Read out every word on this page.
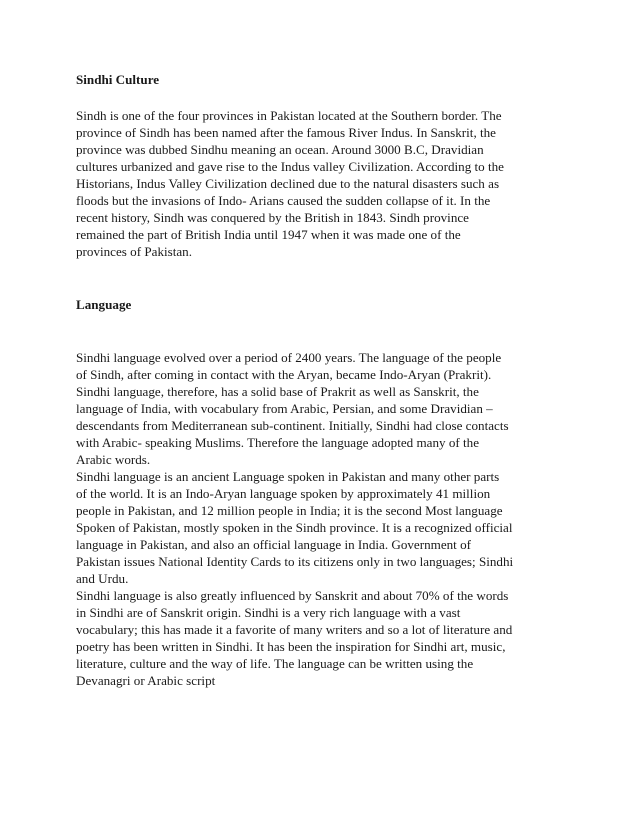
Sindhi Culture

Sindh is one of the four provinces in Pakistan located at the Southern border. The

province of Sindh has been named after the famous River Indus. In Sanskrit, the

province was dubbed Sindhu meaning an ocean. Around 3000 B.C, Dravidian

cultures urbanized and gave rise to the Indus valley Civilization. According to the

Historians, Indus Valley Civilization declined due to the natural disasters such as

floods but the invasions of Indo- Arians caused the sudden collapse of it. In the

recent history, Sindh was conquered by the British in 1843. Sindh province

remained the part of British India until 1947 when it was made one of the

provinces of Pakistan.

Language

Sindhi language evolved over a period of 2400 years. The language of the people

of Sindh, after coming in contact with the Aryan, became Indo-Aryan (Prakrit).

Sindhi language, therefore, has a solid base of Prakrit as well as Sanskrit, the

language of India, with vocabulary from Arabic, Persian, and some Dravidian –

descendants from Mediterranean sub-continent. Initially, Sindhi had close contacts

with Arabic- speaking Muslims. Therefore the language adopted many of the

Arabic words.

Sindhi language is an ancient Language spoken in Pakistan and many other parts

of the world. It is an Indo-Aryan language spoken by approximately 41 million

people in Pakistan, and 12 million people in India; it is the second Most language

Spoken of Pakistan, mostly spoken in the Sindh province. It is a recognized official

language in Pakistan, and also an official language in India. Government of

Pakistan issues National Identity Cards to its citizens only in two languages; Sindhi

and Urdu.

Sindhi language is also greatly influenced by Sanskrit and about 70% of the words

in Sindhi are of Sanskrit origin. Sindhi is a very rich language with a vast

vocabulary; this has made it a favorite of many writers and so a lot of literature and

poetry has been written in Sindhi. It has been the inspiration for Sindhi art, music,

literature, culture and the way of life. The language can be written using the

Devanagri or Arabic script
